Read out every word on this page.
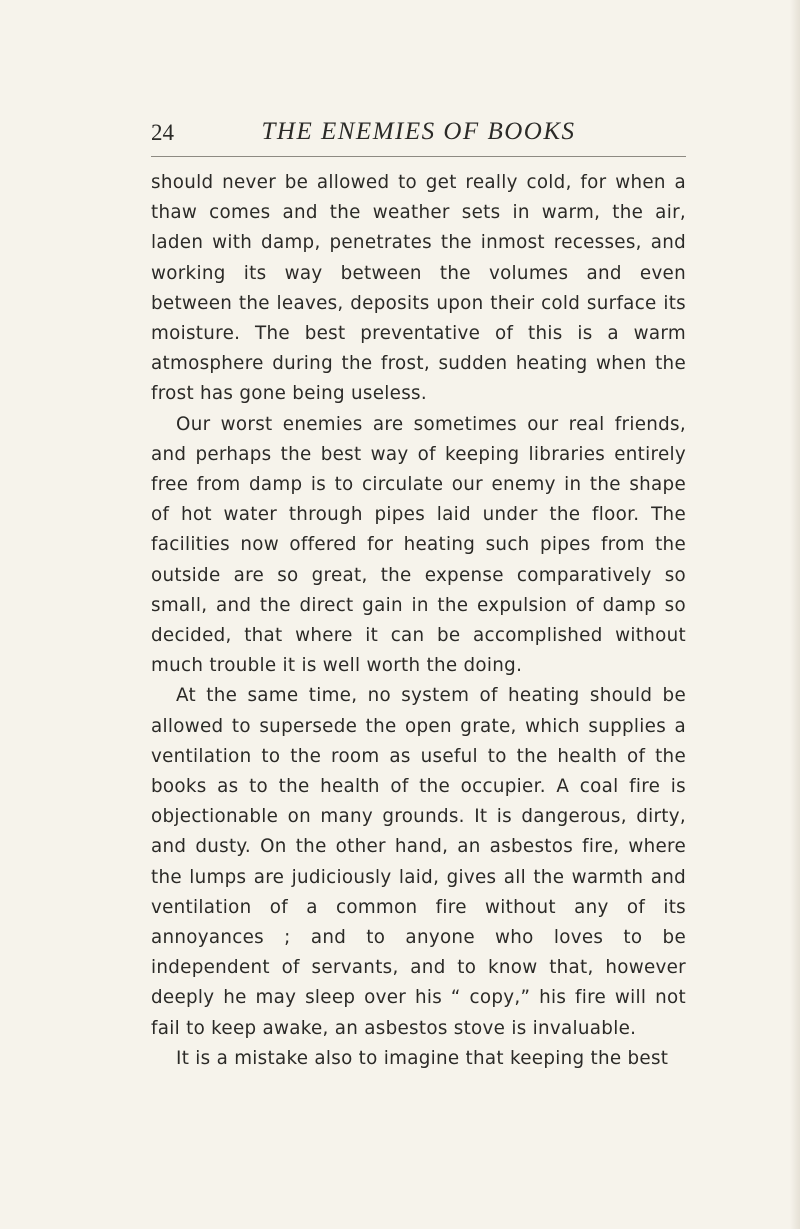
24	THE ENEMIES OF BOOKS

should never be allowed to get really cold, for when a thaw comes and the weather sets in warm, the air, laden with damp, penetrates the inmost recesses, and working its way between the volumes and even between the leaves, deposits upon their cold surface its moisture. The best preventative of this is a warm atmosphere during the frost, sudden heating when the frost has gone being useless.

Our worst enemies are sometimes our real friends, and perhaps the best way of keeping libraries entirely free from damp is to circulate our enemy in the shape of hot water through pipes laid under the floor. The facilities now offered for heating such pipes from the outside are so great, the expense comparatively so small, and the direct gain in the expulsion of damp so decided, that where it can be accomplished without much trouble it is well worth the doing.

At the same time, no system of heating should be allowed to supersede the open grate, which supplies a ventilation to the room as useful to the health of the books as to the health of the occupier. A coal fire is objectionable on many grounds. It is dangerous, dirty, and dusty. On the other hand, an asbestos fire, where the lumps are judiciously laid, gives all the warmth and ventilation of a common fire without any of its annoyances ; and to anyone who loves to be independent of servants, and to know that, however deeply he may sleep over his “ copy,” his fire will not fail to keep awake, an asbestos stove is invaluable.

It is a mistake also to imagine that keeping the best
